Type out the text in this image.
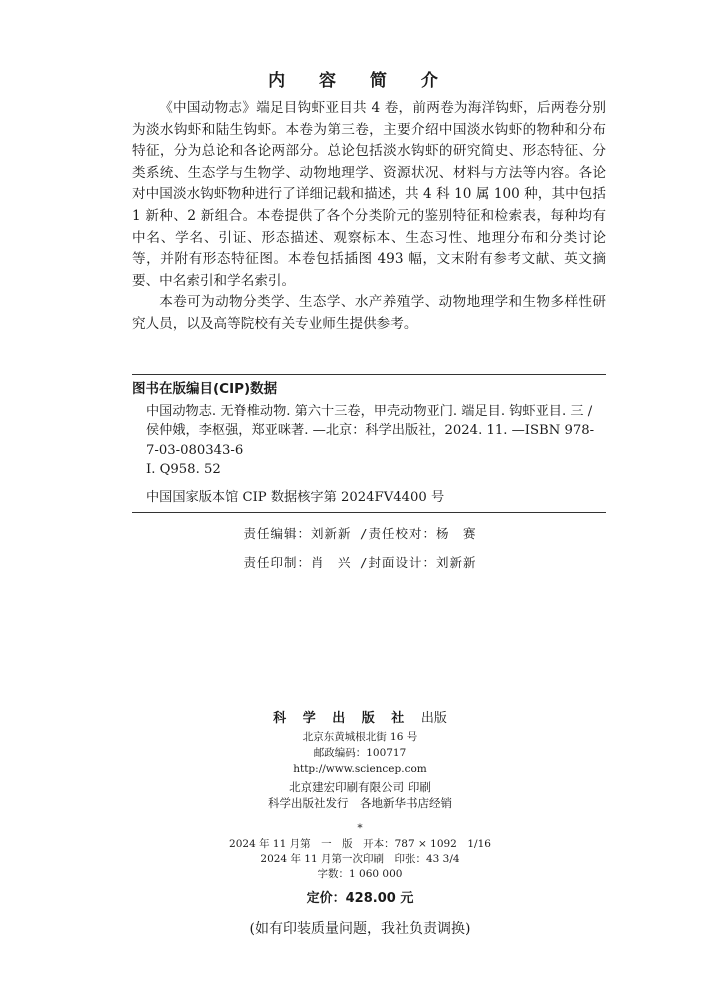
内 容 简 介

《中国动物志》端足目钩虾亚目共 4 卷，前两卷为海洋钩虾，后两卷分别为淡水钩虾和陆生钩虾。本卷为第三卷，主要介绍中国淡水钩虾的物种和分布特征，分为总论和各论两部分。总论包括淡水钩虾的研究简史、形态特征、分类系统、生态学与生物学、动物地理学、资源状况、材料与方法等内容。各论对中国淡水钩虾物种进行了详细记载和描述，共 4 科 10 属 100 种，其中包括 1 新种、2 新组合。本卷提供了各个分类阶元的鉴别特征和检索表，每种均有中名、学名、引证、形态描述、观察标本、生态习性、地理分布和分类讨论等，并附有形态特征图。本卷包括插图 493 幅，文末附有参考文献、英文摘要、中名索引和学名索引。

本卷可为动物分类学、生态学、水产养殖学、动物地理学和生物多样性研究人员，以及高等院校有关专业师生提供参考。

图书在版编目(CIP)数据
中国动物志. 无脊椎动物. 第六十三卷，甲壳动物亚门. 端足目. 钩虾亚目. 三 / 侯仲娥，李枢强，郑亚咪著. —北京：科学出版社，2024. 11. —ISBN 978-7-03-080343-6
I. Q958. 52
中国国家版本馆 CIP 数据核字第 2024FV4400 号
责任编辑：刘新新 /责任校对：杨　赛
责任印制：肖　兴 /封面设计：刘新新
科 学 出 版 社 出版
北京东黄城根北街 16 号
邮政编码：100717
http://www.sciencep.com
北京建宏印刷有限公司 印刷
科学出版社发行　各地新华书店经销
*
2024 年 11 月第　一　版　开本：787 × 1092　1/16
2024 年 11 月第一次印刷　印张：43 3/4
字数：1 060 000
定价：428.00 元
(如有印装质量问题，我社负责调换)
